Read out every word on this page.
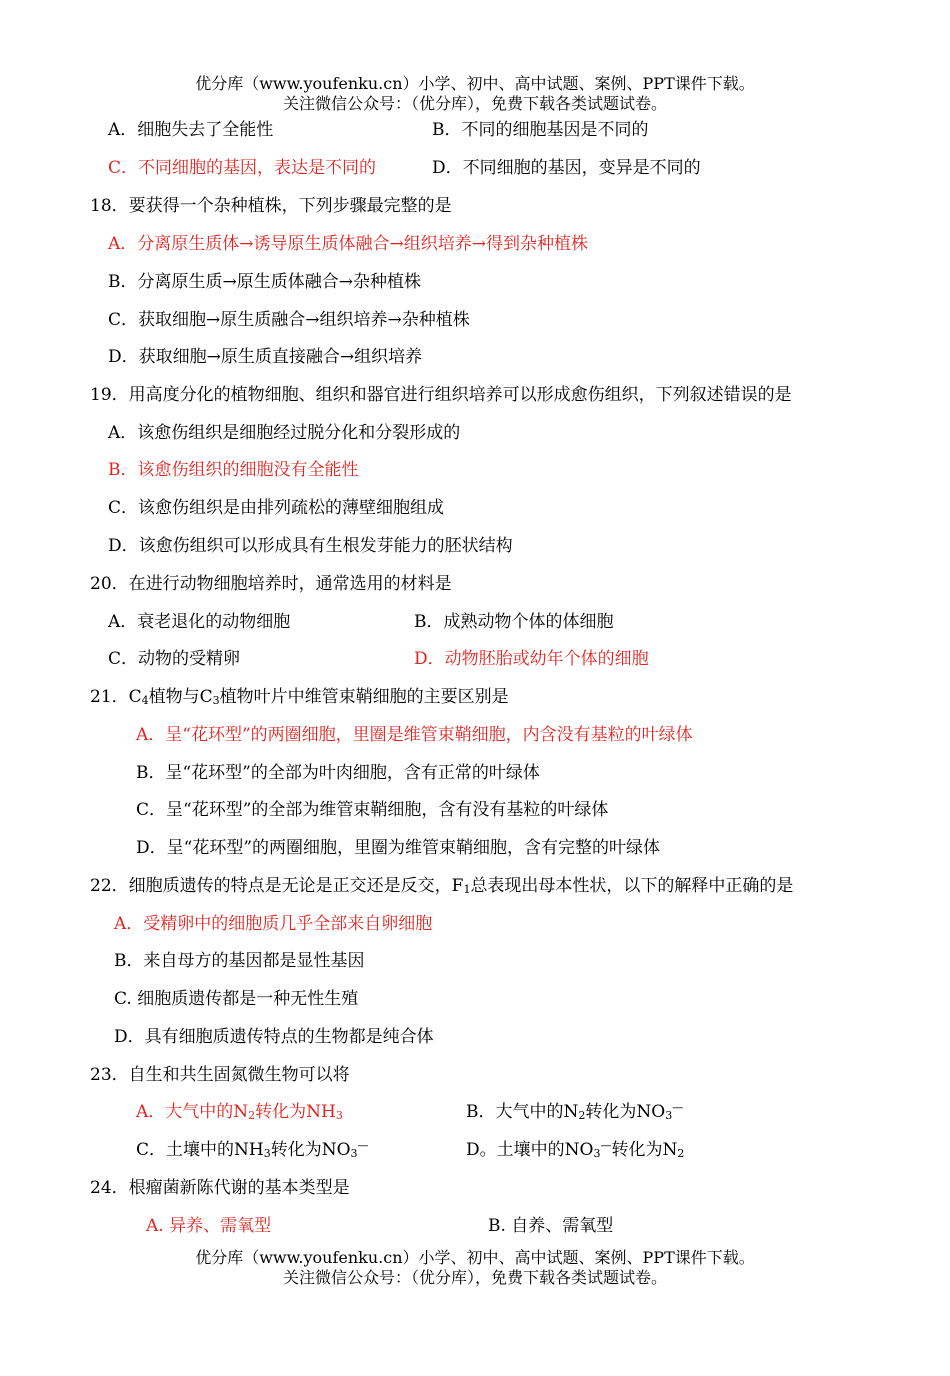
优分库（www.youfenku.cn）小学、初中、高中试题、案例、PPT课件下载。
关注微信公众号：（优分库），免费下载各类试题试卷。
A．细胞失去了全能性	B．不同的细胞基因是不同的
C．不同细胞的基因，表达是不同的	D．不同细胞的基因，变异是不同的
18．要获得一个杂种植株，下列步骤最完整的是
A．分离原生质体→诱导原生质体融合→组织培养→得到杂种植株
B．分离原生质→原生质体融合→杂种植株
C．获取细胞→原生质融合→组织培养→杂种植株
D．获取细胞→原生质直接融合→组织培养
19．用高度分化的植物细胞、组织和器官进行组织培养可以形成愈伤组织，下列叙述错误的是
A．该愈伤组织是细胞经过脱分化和分裂形成的
B．该愈伤组织的细胞没有全能性
C．该愈伤组织是由排列疏松的薄壁细胞组成
D．该愈伤组织可以形成具有生根发芽能力的胚状结构
20．在进行动物细胞培养时，通常选用的材料是
A．衰老退化的动物细胞	B．成熟动物个体的体细胞
C．动物的受精卵	D．动物胚胎或幼年个体的细胞
21．$C_4$植物与$C_3$植物叶片中维管束鞘细胞的主要区别是
A．呈“花环型”的两圈细胞，里圈是维管束鞘细胞，内含没有基粒的叶绿体
B．呈“花环型”的全部为叶肉细胞，含有正常的叶绿体
C．呈“花环型”的全部为维管束鞘细胞，含有没有基粒的叶绿体
D．呈“花环型”的两圈细胞，里圈为维管束鞘细胞，含有完整的叶绿体
22．细胞质遗传的特点是无论是正交还是反交，$F_1$总表现出母本性状，以下的解释中正确的是
A．受精卵中的细胞质几乎全部来自卵细胞
B．来自母方的基因都是显性基因
C. 细胞质遗传都是一种无性生殖
D．具有细胞质遗传特点的生物都是纯合体
23．自生和共生固氮微生物可以将
A．大气中的$N_2$转化为$NH_3$	B．大气中的$N_2$转化为$NO_3^—$
C．土壤中的$NH_3$转化为$NO_3^—$	D。土壤中的$NO_3^—$转化为$N_2$
24．根瘤菌新陈代谢的基本类型是
A. 异养、需氧型	B. 自养、需氧型
优分库（www.youfenku.cn）小学、初中、高中试题、案例、PPT课件下载。
关注微信公众号：（优分库），免费下载各类试题试卷。
